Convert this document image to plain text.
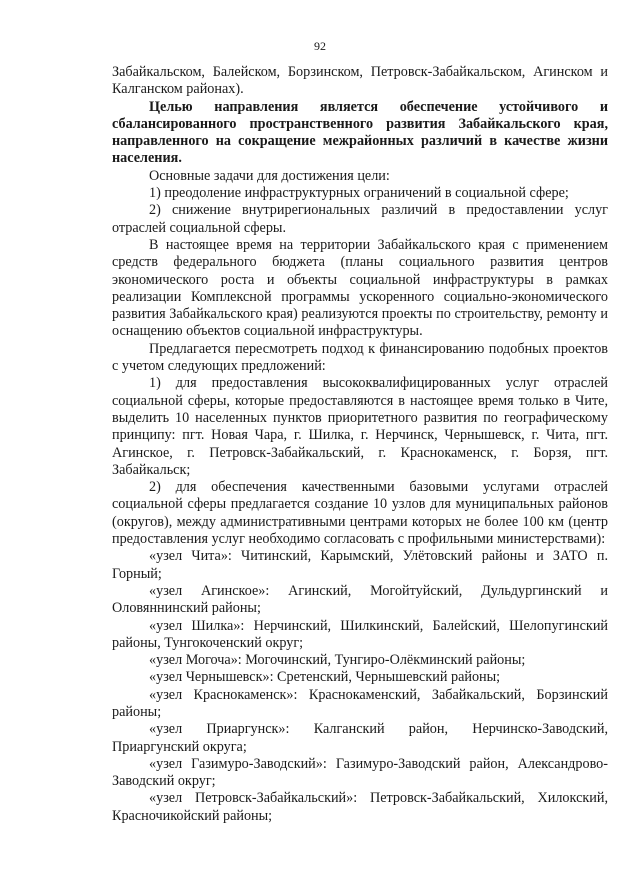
92

Забайкальском, Балейском, Борзинском, Петровск-Забайкальском, Агинском и Калганском районах).

Целью направления является обеспечение устойчивого и сбалансированного пространственного развития Забайкальского края, направленного на сокращение межрайонных различий в качестве жизни населения.

Основные задачи для достижения цели:

1) преодоление инфраструктурных ограничений в социальной сфере;

2) снижение внутрирегиональных различий в предоставлении услуг отраслей социальной сферы.

В настоящее время на территории Забайкальского края с применением средств федерального бюджета (планы социального развития центров экономического роста и объекты социальной инфраструктуры в рамках реализации Комплексной программы ускоренного социально-экономического развития Забайкальского края) реализуются проекты по строительству, ремонту и оснащению объектов социальной инфраструктуры.

Предлагается пересмотреть подход к финансированию подобных проектов с учетом следующих предложений:

1) для предоставления высококвалифицированных услуг отраслей социальной сферы, которые предоставляются в настоящее время только в Чите, выделить 10 населенных пунктов приоритетного развития по географическому принципу: пгт. Новая Чара, г. Шилка, г. Нерчинск, Чернышевск, г. Чита, пгт. Агинское, г. Петровск-Забайкальский, г. Краснокаменск, г. Борзя, пгт. Забайкальск;

2) для обеспечения качественными базовыми услугами отраслей социальной сферы предлагается создание 10 узлов для муниципальных районов (округов), между административными центрами которых не более 100 км (центр предоставления услуг необходимо согласовать с профильными министерствами):

«узел Чита»: Читинский, Карымский, Улётовский районы и ЗАТО п. Горный;

«узел Агинское»: Агинский, Могойтуйский, Дульдургинский и Оловяннинский районы;

«узел Шилка»: Нерчинский, Шилкинский, Балейский, Шелопугинский районы, Тунгокоченский округ;

«узел Могоча»: Могочинский, Тунгиро-Олёкминский районы;

«узел Чернышевск»: Сретенский, Чернышевский районы;

«узел Краснокаменск»: Краснокаменский, Забайкальский, Борзинский районы;

«узел Приаргунск»: Калганский район, Нерчинско-Заводский, Приаргунский округа;

«узел Газимуро-Заводский»: Газимуро-Заводский район, Александрово-Заводский округ;

«узел Петровск-Забайкальский»: Петровск-Забайкальский, Хилокский, Красночикойский районы;
